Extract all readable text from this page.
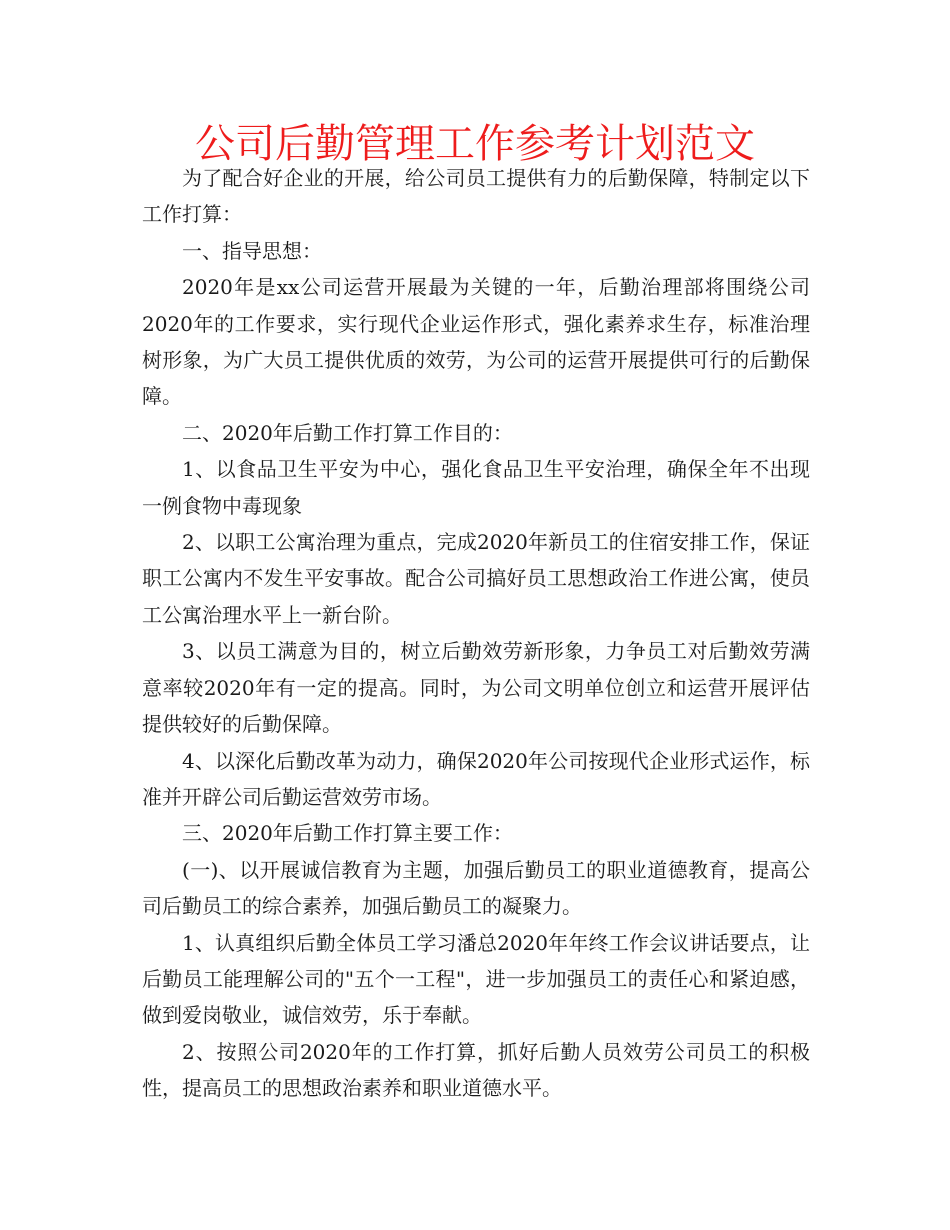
公司后勤管理工作参考计划范文

为了配合好企业的开展，给公司员工提供有力的后勤保障，特制定以下工作打算：

一、指导思想：

2020年是xx公司运营开展最为关键的一年，后勤治理部将围绕公司2020年的工作要求，实行现代企业运作形式，强化素养求生存，标准治理树形象，为广大员工提供优质的效劳，为公司的运营开展提供可行的后勤保障。

二、2020年后勤工作打算工作目的：

1、以食品卫生平安为中心，强化食品卫生平安治理，确保全年不出现一例食物中毒现象

2、以职工公寓治理为重点，完成2020年新员工的住宿安排工作，保证职工公寓内不发生平安事故。配合公司搞好员工思想政治工作进公寓，使员工公寓治理水平上一新台阶。

3、以员工满意为目的，树立后勤效劳新形象，力争员工对后勤效劳满意率较2020年有一定的提高。同时，为公司文明单位创立和运营开展评估提供较好的后勤保障。

4、以深化后勤改革为动力，确保2020年公司按现代企业形式运作，标准并开辟公司后勤运营效劳市场。

三、2020年后勤工作打算主要工作：

(一)、以开展诚信教育为主题，加强后勤员工的职业道德教育，提高公司后勤员工的综合素养，加强后勤员工的凝聚力。

1、认真组织后勤全体员工学习潘总2020年年终工作会议讲话要点，让后勤员工能理解公司的"五个一工程"，进一步加强员工的责任心和紧迫感，做到爱岗敬业，诚信效劳，乐于奉献。

2、按照公司2020年的工作打算，抓好后勤人员效劳公司员工的积极性，提高员工的思想政治素养和职业道德水平。
